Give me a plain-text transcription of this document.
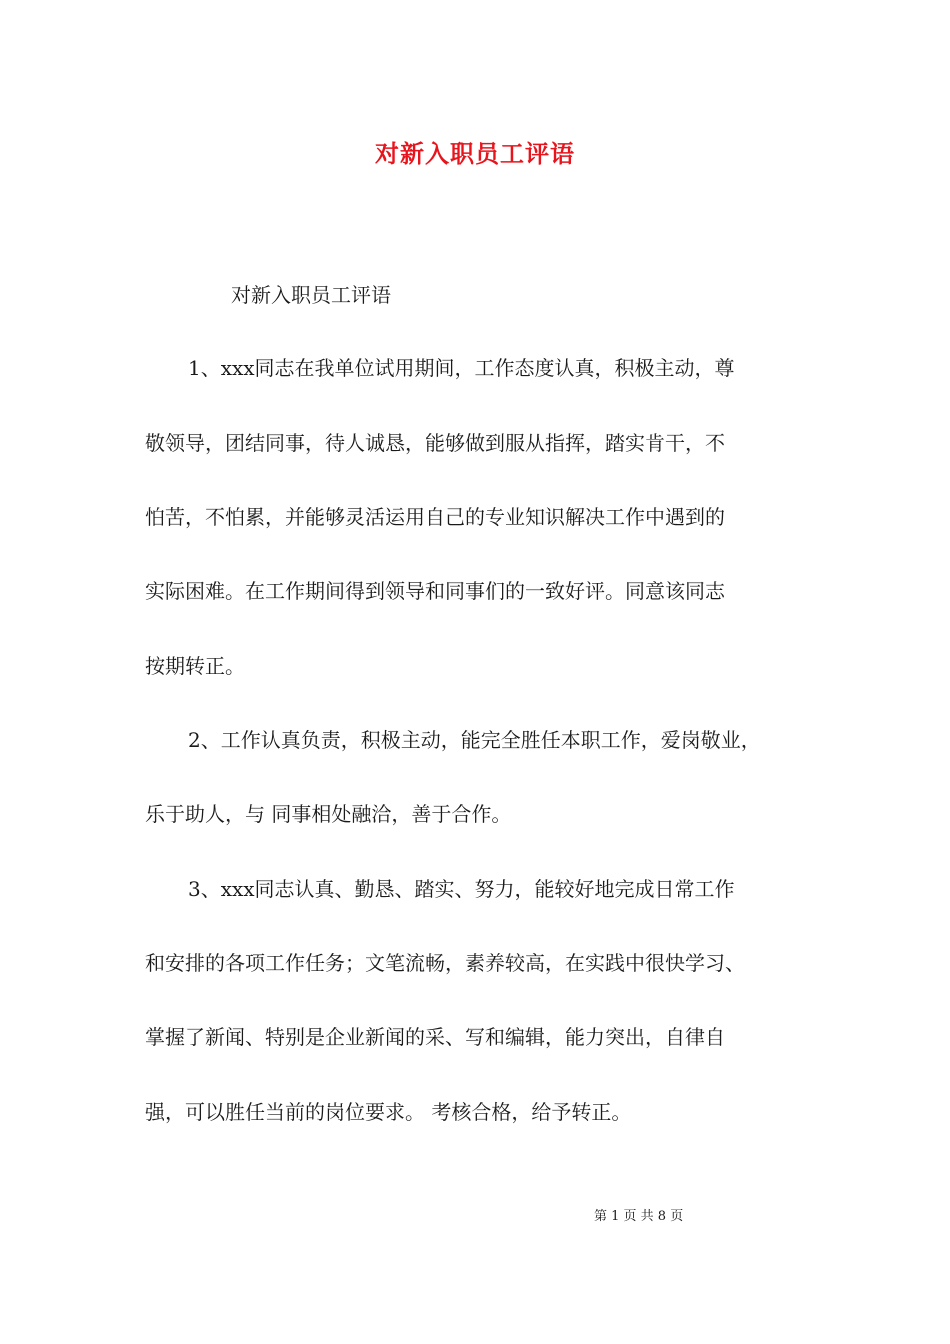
对新入职员工评语
对新入职员工评语
1、xxx同志在我单位试用期间，工作态度认真，积极主动，尊
敬领导，团结同事，待人诚恳，能够做到服从指挥，踏实肯干，不
怕苦，不怕累，并能够灵活运用自己的专业知识解决工作中遇到的
实际困难。在工作期间得到领导和同事们的一致好评。同意该同志
按期转正。
2、工作认真负责，积极主动，能完全胜任本职工作，爱岗敬业，
乐于助人，与 同事相处融洽，善于合作。
3、xxx同志认真、勤恳、踏实、努力，能较好地完成日常工作
和安排的各项工作任务；文笔流畅，素养较高，在实践中很快学习、
掌握了新闻、特别是企业新闻的采、写和编辑，能力突出，自律自
强，可以胜任当前的岗位要求。 考核合格，给予转正。
第 1 页 共 8 页
